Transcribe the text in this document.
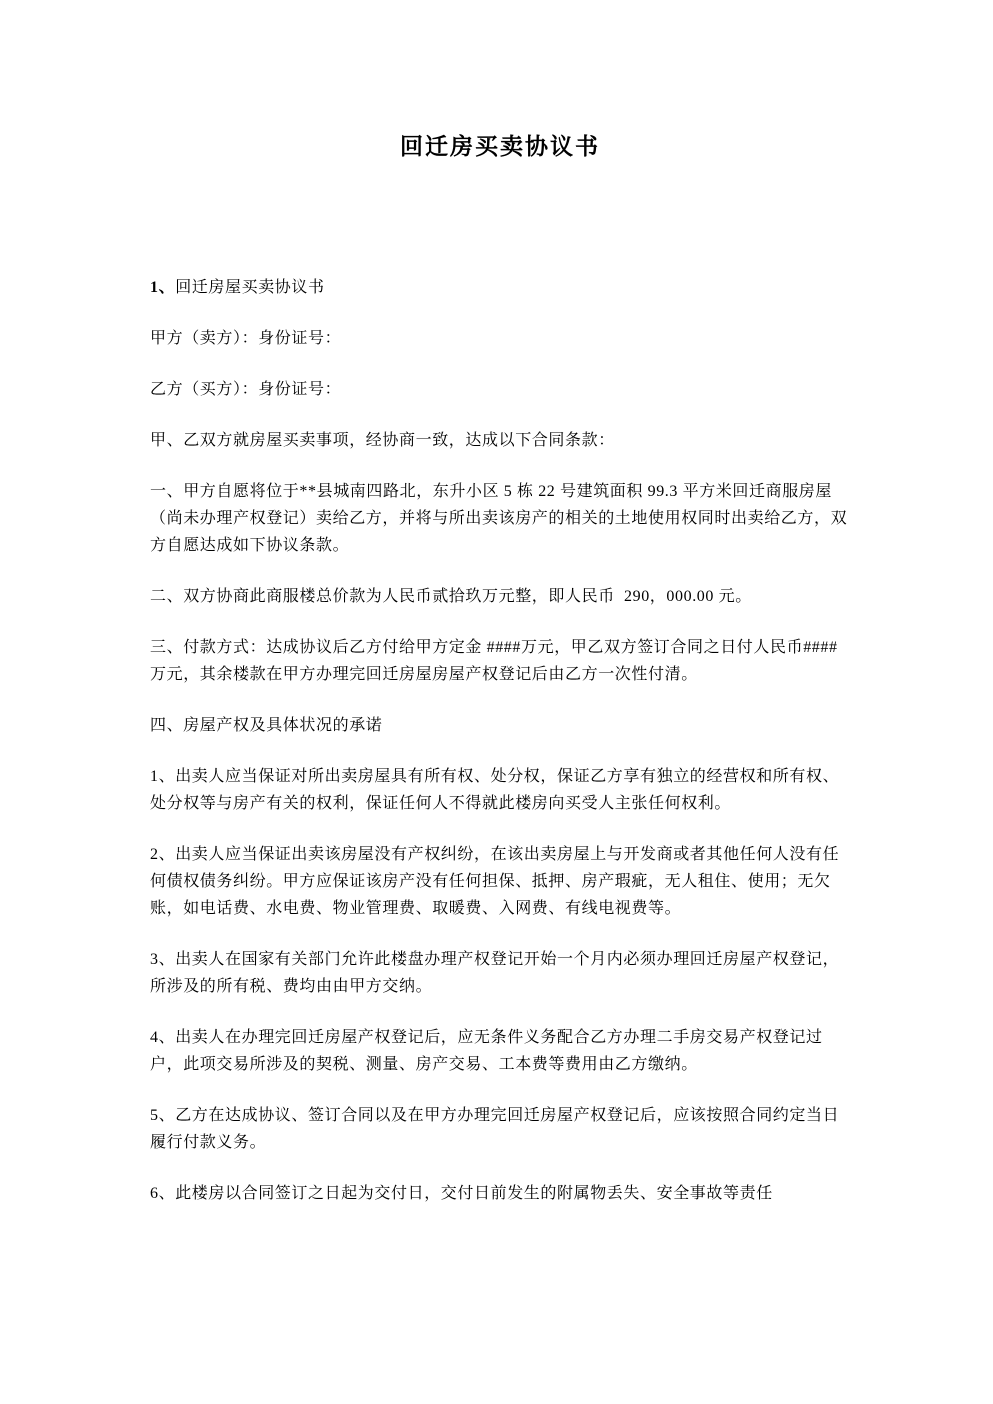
回迁房买卖协议书

1、回迁房屋买卖协议书

甲方（卖方）：身份证号：

乙方（买方）：身份证号：

甲、乙双方就房屋买卖事项，经协商一致，达成以下合同条款：

一、甲方自愿将位于**县城南四路北，东升小区 5 栋 22 号建筑面积 99.3 平方米回迁商服房屋（尚未办理产权登记）卖给乙方，并将与所出卖该房产的相关的土地使用权同时出卖给乙方，双方自愿达成如下协议条款。

二、双方协商此商服楼总价款为人民币贰拾玖万元整，即人民币  290，000.00 元。

三、付款方式：达成协议后乙方付给甲方定金 ####万元，甲乙双方签订合同之日付人民币####万元，其余楼款在甲方办理完回迁房屋房屋产权登记后由乙方一次性付清。

四、房屋产权及具体状况的承诺

1、出卖人应当保证对所出卖房屋具有所有权、处分权，保证乙方享有独立的经营权和所有权、处分权等与房产有关的权利，保证任何人不得就此楼房向买受人主张任何权利。

2、出卖人应当保证出卖该房屋没有产权纠纷，在该出卖房屋上与开发商或者其他任何人没有任何债权债务纠纷。甲方应保证该房产没有任何担保、抵押、房产瑕疵，无人租住、使用；无欠账，如电话费、水电费、物业管理费、取暖费、入网费、有线电视费等。

3、出卖人在国家有关部门允许此楼盘办理产权登记开始一个月内必须办理回迁房屋产权登记，所涉及的所有税、费均由由甲方交纳。

4、出卖人在办理完回迁房屋产权登记后，应无条件义务配合乙方办理二手房交易产权登记过户，此项交易所涉及的契税、测量、房产交易、工本费等费用由乙方缴纳。

5、乙方在达成协议、签订合同以及在甲方办理完回迁房屋产权登记后，应该按照合同约定当日履行付款义务。

6、此楼房以合同签订之日起为交付日，交付日前发生的附属物丢失、安全事故等责任
